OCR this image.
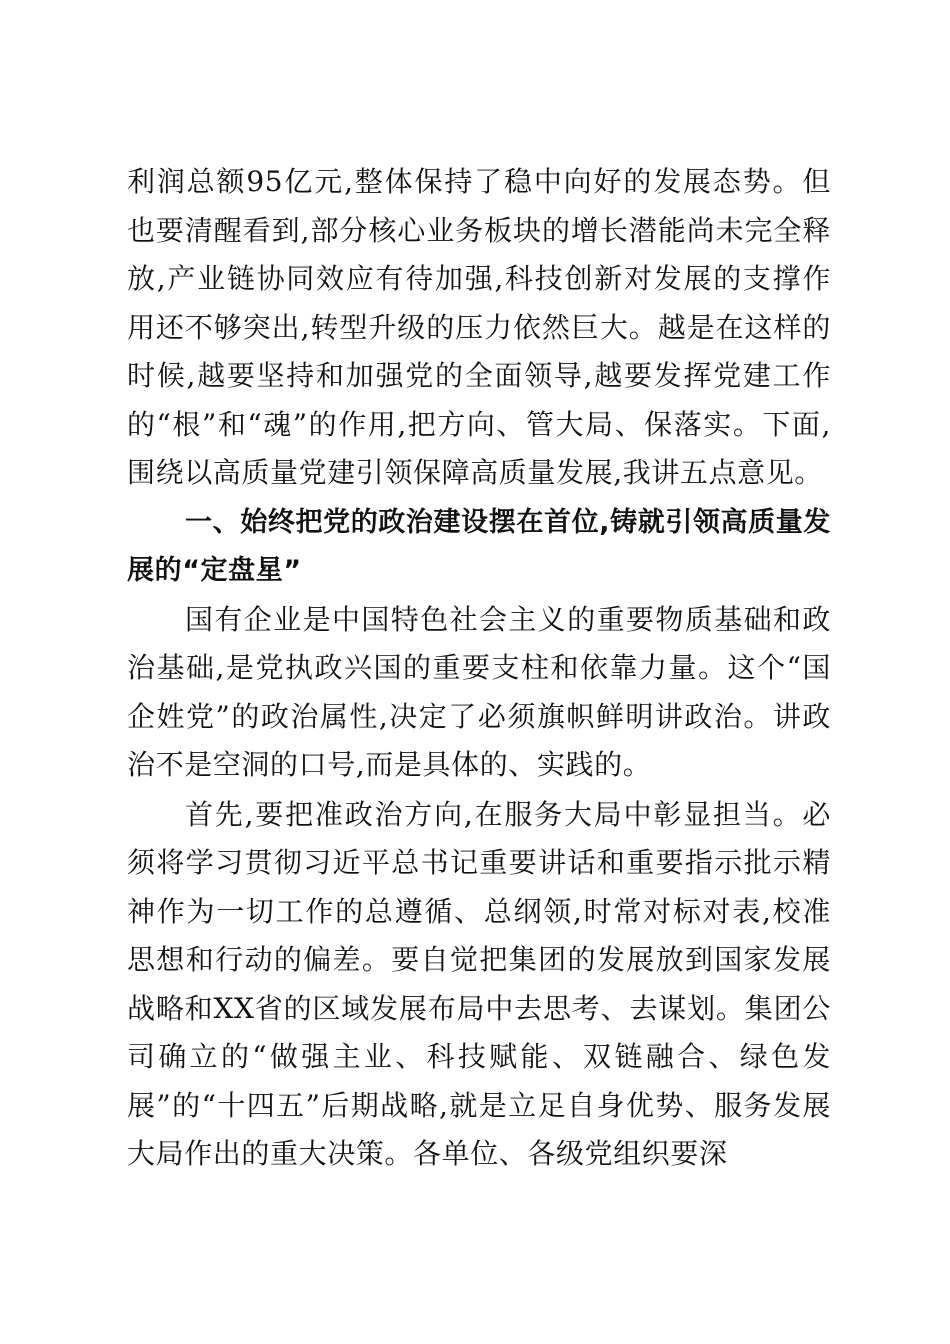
利润总额95亿元,整体保持了稳中向好的发展态势。但也要清醒看到,部分核心业务板块的增长潜能尚未完全释放,产业链协同效应有待加强,科技创新对发展的支撑作用还不够突出,转型升级的压力依然巨大。越是在这样的时候,越要坚持和加强党的全面领导,越要发挥党建工作的“根”和“魂”的作用,把方向、管大局、保落实。下面,围绕以高质量党建引领保障高质量发展,我讲五点意见。

一、始终把党的政治建设摆在首位,铸就引领高质量发展的“定盘星”

国有企业是中国特色社会主义的重要物质基础和政治基础,是党执政兴国的重要支柱和依靠力量。这个“国企姓党”的政治属性,决定了必须旗帜鲜明讲政治。讲政治不是空洞的口号,而是具体的、实践的。

首先,要把准政治方向,在服务大局中彰显担当。必须将学习贯彻习近平总书记重要讲话和重要指示批示精神作为一切工作的总遵循、总纲领,时常对标对表,校准思想和行动的偏差。要自觉把集团的发展放到国家发展战略和XX省的区域发展布局中去思考、去谋划。集团公司确立的“做强主业、科技赋能、双链融合、绿色发展”的“十四五”后期战略,就是立足自身优势、服务发展大局作出的重大决策。各单位、各级党组织要深
